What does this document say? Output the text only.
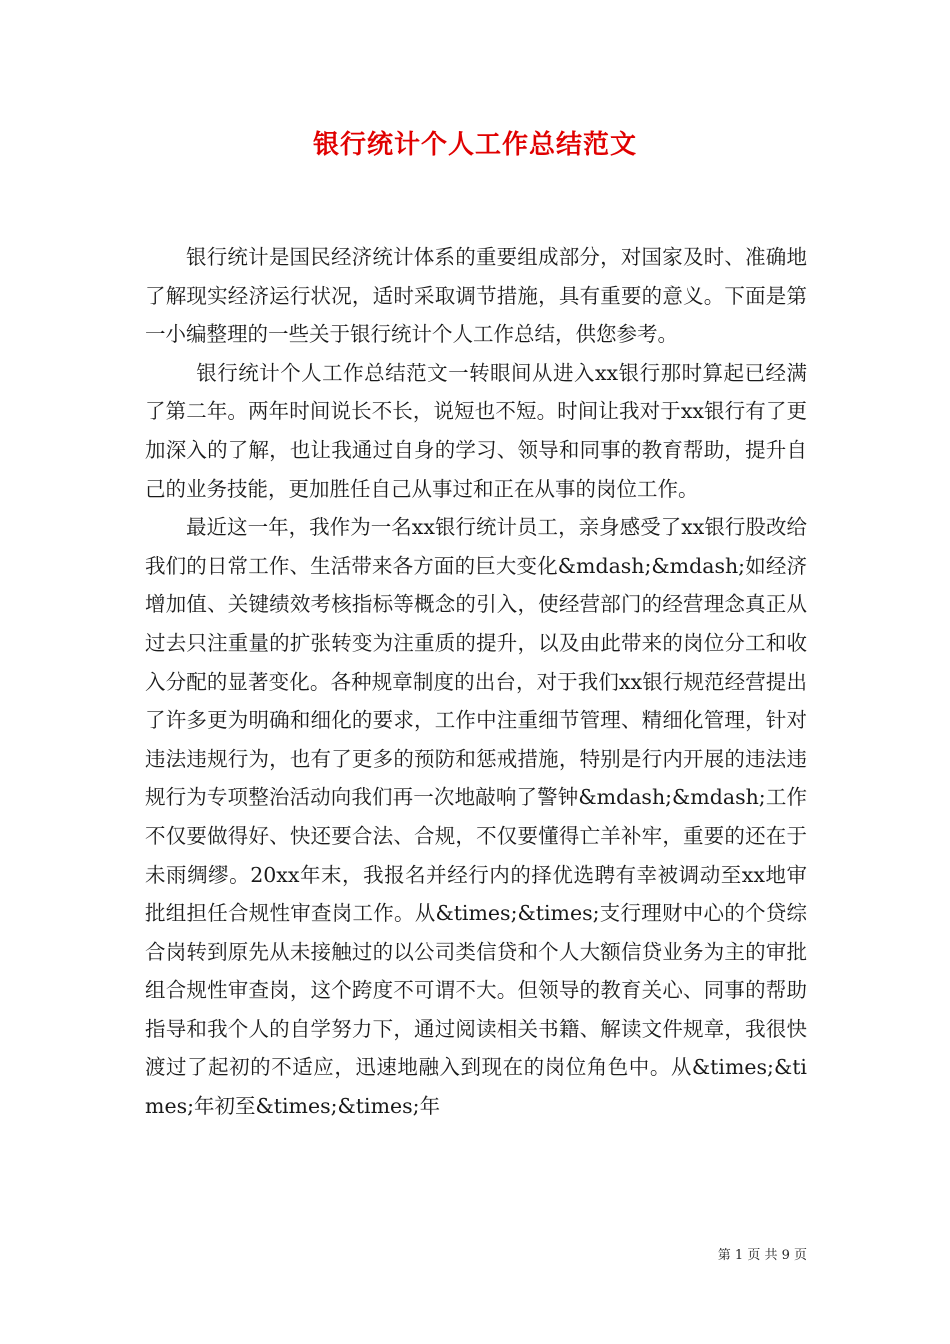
银行统计个人工作总结范文

银行统计是国民经济统计体系的重要组成部分，对国家及时、准确地了解现实经济运行状况，适时采取调节措施，具有重要的意义。下面是第一小编整理的一些关于银行统计个人工作总结，供您参考。

银行统计个人工作总结范文一转眼间从进入xx银行那时算起已经满了第二年。两年时间说长不长，说短也不短。时间让我对于xx银行有了更加深入的了解，也让我通过自身的学习、领导和同事的教育帮助，提升自己的业务技能，更加胜任自己从事过和正在从事的岗位工作。

最近这一年，我作为一名xx银行统计员工，亲身感受了xx银行股改给我们的日常工作、生活带来各方面的巨大变化&mdash;&mdash;如经济增加值、关键绩效考核指标等概念的引入，使经营部门的经营理念真正从过去只注重量的扩张转变为注重质的提升，以及由此带来的岗位分工和收入分配的显著变化。各种规章制度的出台，对于我们xx银行规范经营提出了许多更为明确和细化的要求，工作中注重细节管理、精细化管理，针对违法违规行为，也有了更多的预防和惩戒措施，特别是行内开展的违法违规行为专项整治活动向我们再一次地敲响了警钟&mdash;&mdash;工作不仅要做得好、快还要合法、合规，不仅要懂得亡羊补牢，重要的还在于未雨绸缪。20xx年末，我报名并经行内的择优选聘有幸被调动至xx地审批组担任合规性审查岗工作。从&times;&times;支行理财中心的个贷综合岗转到原先从未接触过的以公司类信贷和个人大额信贷业务为主的审批组合规性审查岗，这个跨度不可谓不大。但领导的教育关心、同事的帮助指导和我个人的自学努力下，通过阅读相关书籍、解读文件规章，我很快渡过了起初的不适应，迅速地融入到现在的岗位角色中。从&times;&times;年初至&times;&times;年

第 1 页 共 9 页
